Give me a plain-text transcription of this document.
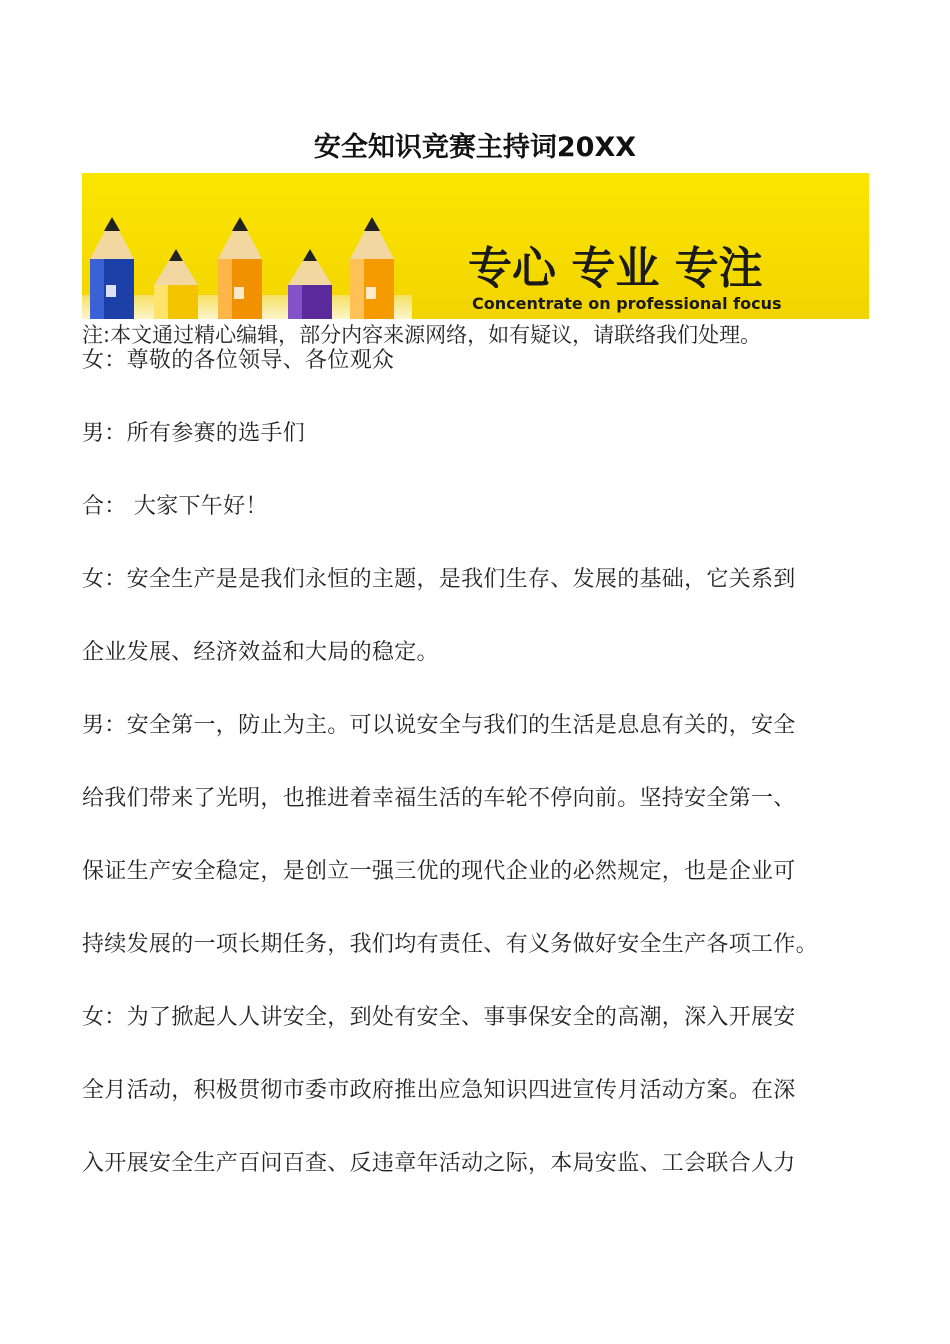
安全知识竞赛主持词20XX
专心 专业 专注
Concentrate on professional focus
注:本文通过精心编辑，部分内容来源网络，如有疑议，请联络我们处理。
女：尊敬的各位领导、各位观众
男：所有参赛的选手们
合： 大家下午好！
女：安全生产是是我们永恒的主题，是我们生存、发展的基础，它关系到
企业发展、经济效益和大局的稳定。
男：安全第一，防止为主。可以说安全与我们的生活是息息有关的，安全
给我们带来了光明，也推进着幸福生活的车轮不停向前。坚持安全第一、
保证生产安全稳定，是创立一强三优的现代企业的必然规定，也是企业可
持续发展的一项长期任务，我们均有责任、有义务做好安全生产各项工作。
女：为了掀起人人讲安全，到处有安全、事事保安全的高潮，深入开展安
全月活动，积极贯彻市委市政府推出应急知识四进宣传月活动方案。在深
入开展安全生产百问百查、反违章年活动之际，本局安监、工会联合人力
